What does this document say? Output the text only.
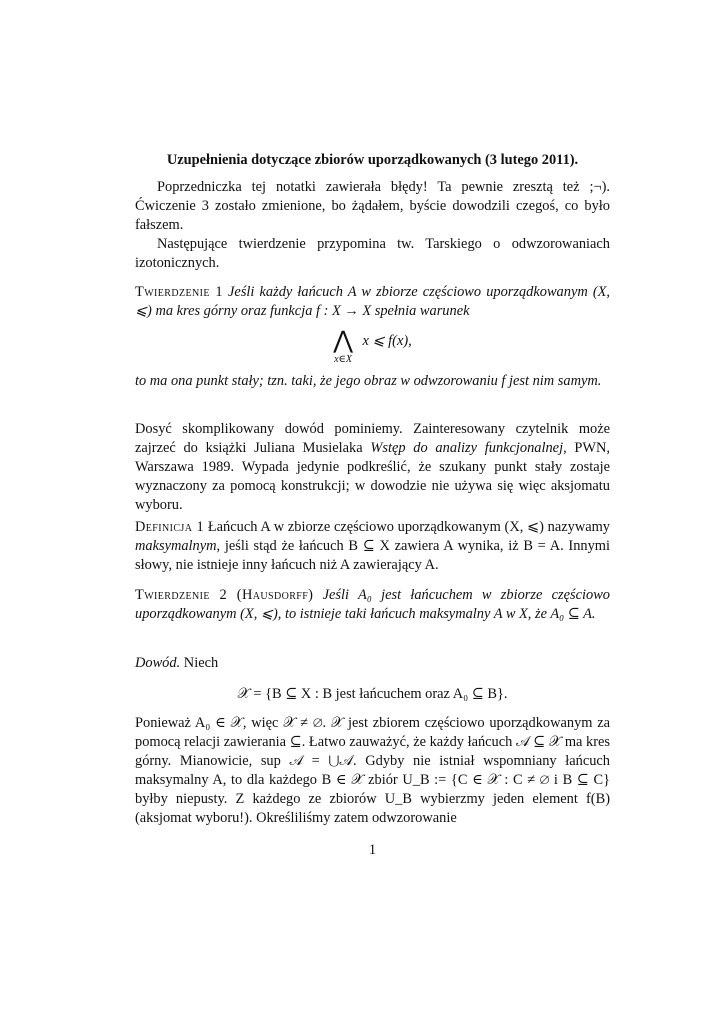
Uzupełnienia dotyczące zbiorów uporządkowanych (3 lutego 2011).
Poprzedniczka tej notatki zawierała błędy! Ta pewnie zresztą też ;¬). Ćwiczenie 3 zostało zmienione, bo żądałem, byście dowodzili czegoś, co było fałszem.
Następujące twierdzenie przypomina tw. Tarskiego o odwzorowaniach izotonicznych.
Twierdzenie 1 Jeśli każdy łańcuch A w zbiorze częściowo uporządkowanym (X, ⩽) ma kres górny oraz funkcja f : X → X spełnia warunek
⋀
x∈X
x ⩽ f(x),
to ma ona punkt stały; tzn. taki, że jego obraz w odwzorowaniu f jest nim samym.
Dosyć skomplikowany dowód pominiemy. Zainteresowany czytelnik może zajrzeć do książki Juliana Musielaka Wstęp do analizy funkcjonalnej, PWN, Warszawa 1989. Wypada jedynie podkreślić, że szukany punkt stały zostaje wyznaczony za pomocą konstrukcji; w dowodzie nie używa się więc aksjomatu wyboru.
Definicja 1 Łańcuch A w zbiorze częściowo uporządkowanym (X, ⩽) nazywamy maksymalnym, jeśli stąd że łańcuch B ⊆ X zawiera A wynika, iż B = A. Innymi słowy, nie istnieje inny łańcuch niż A zawierający A.
Twierdzenie 2 (Hausdorff) Jeśli A₀ jest łańcuchem w zbiorze częściowo uporządkowanym (X, ⩽), to istnieje taki łańcuch maksymalny A w X, że A₀ ⊆ A.
Dowód. Niech
𝒳 = {B ⊆ X : B jest łańcuchem oraz A₀ ⊆ B}.
Ponieważ A₀ ∈ 𝒳, więc 𝒳 ≠ ∅. 𝒳 jest zbiorem częściowo uporządkowanym za pomocą relacji zawierania ⊆. Łatwo zauważyć, że każdy łańcuch 𝒜 ⊆ 𝒳 ma kres górny. Mianowicie, sup 𝒜 = ⋃𝒜. Gdyby nie istniał wspomniany łańcuch maksymalny A, to dla każdego B ∈ 𝒳 zbiór U_B := {C ∈ 𝒳 : C ≠ ∅ i B ⊆ C} byłby niepusty. Z każdego ze zbiorów U_B wybierzmy jeden element f(B) (aksjomat wyboru!). Określiliśmy zatem odwzorowanie
1
